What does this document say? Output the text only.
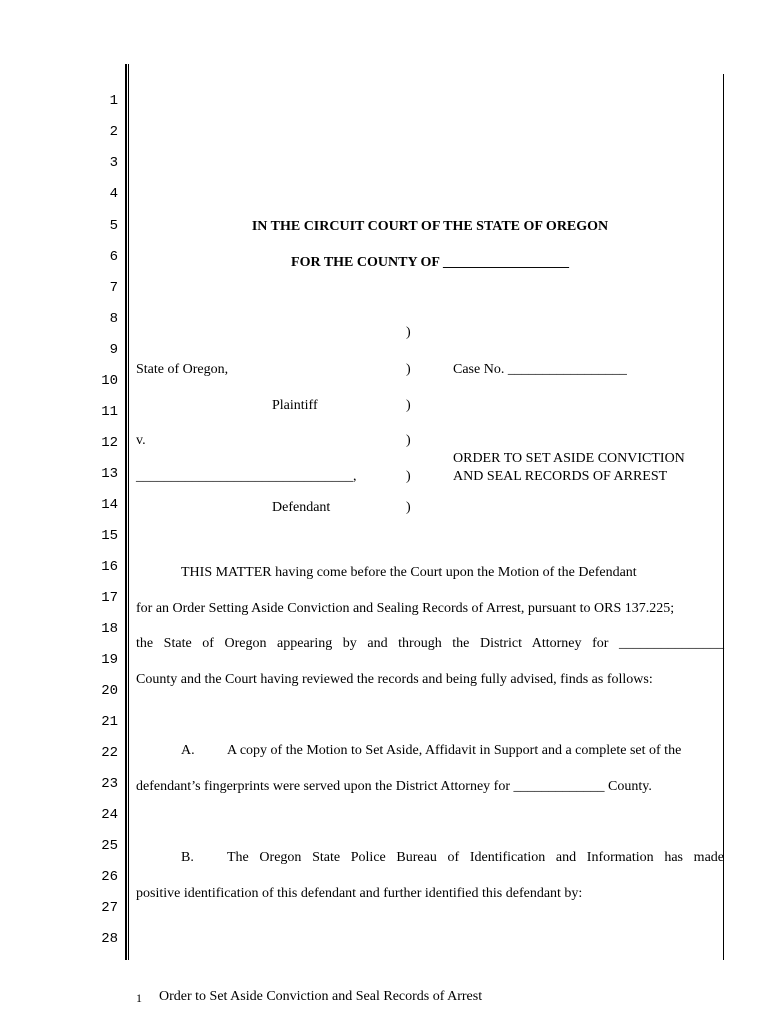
1
2
3
4
5
6
7
8
9
10
11
12
13
14
15
16
17
18
19
20
21
22
23
24
25
26
27
28
IN THE CIRCUIT COURT OF THE STATE OF OREGON
FOR THE COUNTY OF __________________
)
)
)
)
)
)
State of Oregon,
Plaintiff
v.
_______________________________,
Defendant
Case No. _________________
ORDER TO SET ASIDE CONVICTION
AND SEAL RECORDS OF ARREST
THIS MATTER having come before the Court upon the Motion of the Defendant
for an Order Setting Aside Conviction and Sealing Records of Arrest, pursuant to ORS 137.225;
the State of Oregon appearing by and through the District Attorney for _______________
County and the Court having reviewed the records and being fully advised, finds as follows:
A. A copy of the Motion to Set Aside, Affidavit in Support and a complete set of the
defendant’s fingerprints were served upon the District Attorney for _____________ County.
B. The Oregon State Police Bureau of Identification and Information has made
positive identification of this defendant and further identified this defendant by:
1 Order to Set Aside Conviction and Seal Records of Arrest
